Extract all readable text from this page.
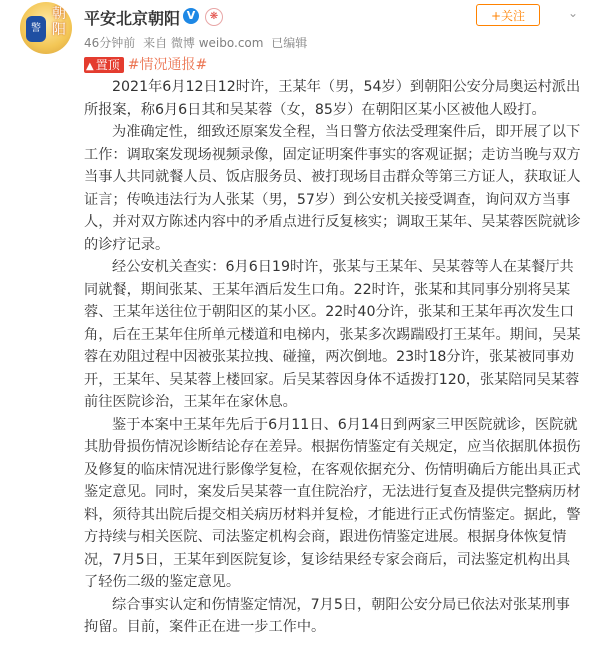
警
朝阳
平安北京朝阳 V	❋	+关注	⌄
46分钟前 来自 微博 weibo.com 已编辑
▲ 置顶 #情况通报#

2021年6月12日12时许，王某年（男，54岁）到朝阳公安分局奥运村派出所报案，称6月6日其和吴某蓉（女，85岁）在朝阳区某小区被他人殴打。

为准确定性，细致还原案发全程，当日警方依法受理案件后，即开展了以下工作：调取案发现场视频录像，固定证明案件事实的客观证据；走访当晚与双方当事人共同就餐人员、饭店服务员、被打现场目击群众等第三方证人，获取证人证言；传唤违法行为人张某（男，57岁）到公安机关接受调查，询问双方当事人，并对双方陈述内容中的矛盾点进行反复核实；调取王某年、吴某蓉医院就诊的诊疗记录。

经公安机关查实：6月6日19时许，张某与王某年、吴某蓉等人在某餐厅共同就餐，期间张某、王某年酒后发生口角。22时许，张某和其同事分别将吴某蓉、王某年送往位于朝阳区的某小区。22时40分许，张某和王某年再次发生口角，后在王某年住所单元楼道和电梯内，张某多次踢踹殴打王某年。期间，吴某蓉在劝阻过程中因被张某拉拽、碰撞，两次倒地。23时18分许，张某被同事劝开，王某年、吴某蓉上楼回家。后吴某蓉因身体不适拨打120，张某陪同吴某蓉前往医院诊治，王某年在家休息。

鉴于本案中王某年先后于6月11日、6月14日到两家三甲医院就诊，医院就其肋骨损伤情况诊断结论存在差异。根据伤情鉴定有关规定，应当依据肌体损伤及修复的临床情况进行影像学复检，在客观依据充分、伤情明确后方能出具正式鉴定意见。同时，案发后吴某蓉一直住院治疗，无法进行复查及提供完整病历材料，须待其出院后提交相关病历材料并复检，才能进行正式伤情鉴定。据此，警方持续与相关医院、司法鉴定机构会商，跟进伤情鉴定进展。根据身体恢复情况，7月5日，王某年到医院复诊，复诊结果经专家会商后，司法鉴定机构出具了轻伤二级的鉴定意见。

综合事实认定和伤情鉴定情况，7月5日，朝阳公安分局已依法对张某刑事拘留。目前，案件正在进一步工作中。
